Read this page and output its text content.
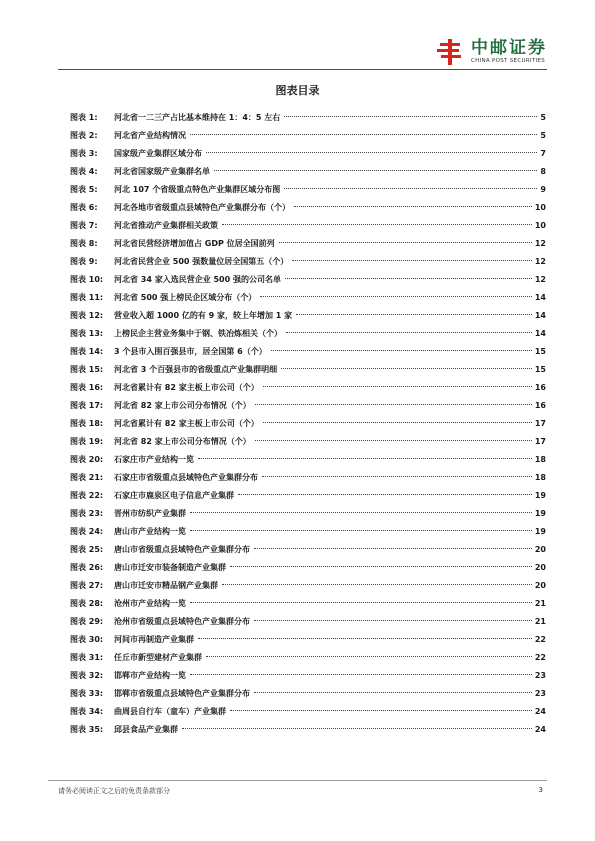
中邮证券
CHINA POST SECURITIES
图表目录
图表 1:	河北省一二三产占比基本维持在 1：4：5 左右	5
图表 2:	河北省产业结构情况	5
图表 3:	国家级产业集群区域分布	7
图表 4:	河北省国家级产业集群名单	8
图表 5:	河北 107 个省级重点特色产业集群区域分布图	9
图表 6:	河北各地市省级重点县域特色产业集群分布（个）	10
图表 7:	河北省推动产业集群相关政策	10
图表 8:	河北省民营经济增加值占 GDP 位居全国前列	12
图表 9:	河北省民营企业 500 强数量位居全国第五（个）	12
图表 10:	河北省 34 家入选民营企业 500 强的公司名单	12
图表 11:	河北省 500 强上榜民企区域分布（个）	14
图表 12:	营业收入超 1000 亿的有 9 家，较上年增加 1 家	14
图表 13:	上榜民企主营业务集中于钢、铁冶炼相关（个）	14
图表 14:	3 个县市入围百强县市，居全国第 6（个）	15
图表 15:	河北省 3 个百强县市的省级重点产业集群明细	15
图表 16:	河北省累计有 82 家主板上市公司（个）	16
图表 17:	河北省 82 家上市公司分布情况（个）	16
图表 18:	河北省累计有 82 家主板上市公司（个）	17
图表 19:	河北省 82 家上市公司分布情况（个）	17
图表 20:	石家庄市产业结构一览	18
图表 21:	石家庄市省级重点县域特色产业集群分布	18
图表 22:	石家庄市鹿泉区电子信息产业集群	19
图表 23:	晋州市纺织产业集群	19
图表 24:	唐山市产业结构一览	19
图表 25:	唐山市省级重点县域特色产业集群分布	20
图表 26:	唐山市迁安市装备制造产业集群	20
图表 27:	唐山市迁安市精品钢产业集群	20
图表 28:	沧州市产业结构一览	21
图表 29:	沧州市省级重点县域特色产业集群分布	21
图表 30:	河间市再制造产业集群	22
图表 31:	任丘市新型建材产业集群	22
图表 32:	邯郸市产业结构一览	23
图表 33:	邯郸市省级重点县域特色产业集群分布	23
图表 34:	曲周县自行车（童车）产业集群	24
图表 35:	邱县食品产业集群	24
请务必阅读正文之后的免责条款部分	3
